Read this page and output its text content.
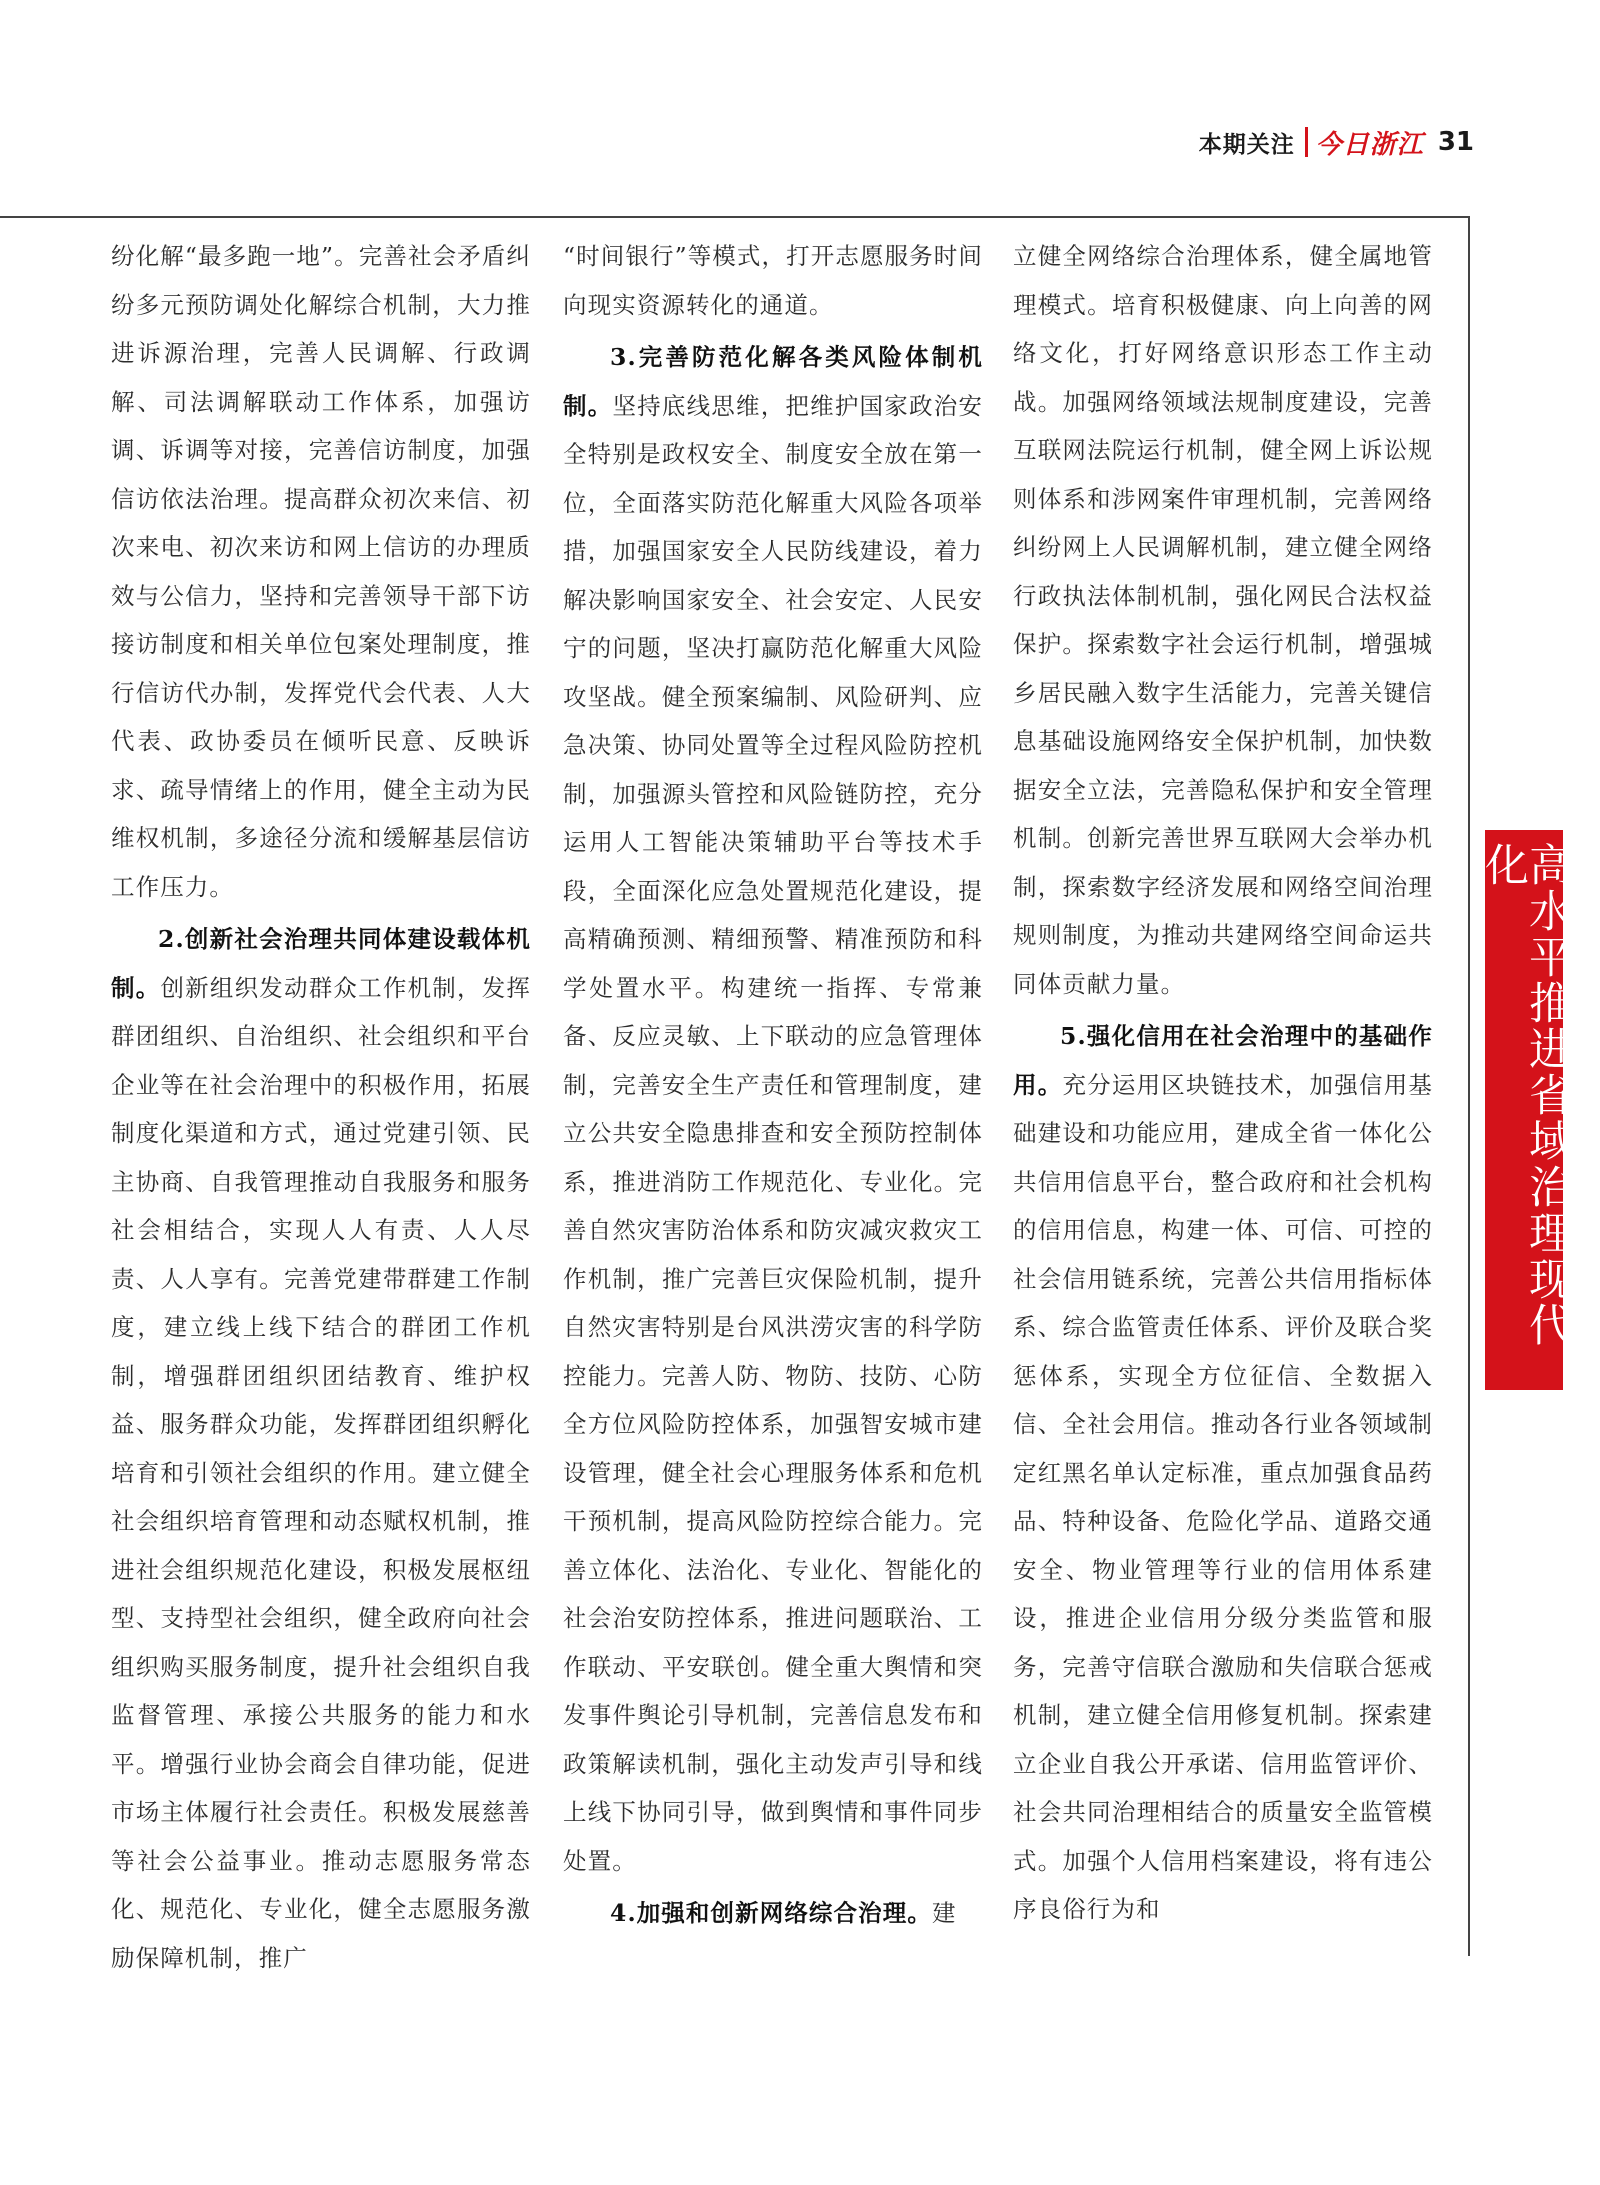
本期关注 今日浙江 31

纷化解“最多跑一地”。完善社会矛盾纠纷多元预防调处化解综合机制，大力推进诉源治理，完善人民调解、行政调解、司法调解联动工作体系，加强访调、诉调等对接，完善信访制度，加强信访依法治理。提高群众初次来信、初次来电、初次来访和网上信访的办理质效与公信力，坚持和完善领导干部下访接访制度和相关单位包案处理制度，推行信访代办制，发挥党代会代表、人大代表、政协委员在倾听民意、反映诉求、疏导情绪上的作用，健全主动为民维权机制，多途径分流和缓解基层信访工作压力。

2.创新社会治理共同体建设载体机制。创新组织发动群众工作机制，发挥群团组织、自治组织、社会组织和平台企业等在社会治理中的积极作用，拓展制度化渠道和方式，通过党建引领、民主协商、自我管理推动自我服务和服务社会相结合，实现人人有责、人人尽责、人人享有。完善党建带群建工作制度，建立线上线下结合的群团工作机制，增强群团组织团结教育、维护权益、服务群众功能，发挥群团组织孵化培育和引领社会组织的作用。建立健全社会组织培育管理和动态赋权机制，推进社会组织规范化建设，积极发展枢纽型、支持型社会组织，健全政府向社会组织购买服务制度，提升社会组织自我监督管理、承接公共服务的能力和水平。增强行业协会商会自律功能，促进市场主体履行社会责任。积极发展慈善等社会公益事业。推动志愿服务常态化、规范化、专业化，健全志愿服务激励保障机制，推广

“时间银行”等模式，打开志愿服务时间向现实资源转化的通道。

3.完善防范化解各类风险体制机制。坚持底线思维，把维护国家政治安全特别是政权安全、制度安全放在第一位，全面落实防范化解重大风险各项举措，加强国家安全人民防线建设，着力解决影响国家安全、社会安定、人民安宁的问题，坚决打赢防范化解重大风险攻坚战。健全预案编制、风险研判、应急决策、协同处置等全过程风险防控机制，加强源头管控和风险链防控，充分运用人工智能决策辅助平台等技术手段，全面深化应急处置规范化建设，提高精确预测、精细预警、精准预防和科学处置水平。构建统一指挥、专常兼备、反应灵敏、上下联动的应急管理体制，完善安全生产责任和管理制度，建立公共安全隐患排查和安全预防控制体系，推进消防工作规范化、专业化。完善自然灾害防治体系和防灾减灾救灾工作机制，推广完善巨灾保险机制，提升自然灾害特别是台风洪涝灾害的科学防控能力。完善人防、物防、技防、心防全方位风险防控体系，加强智安城市建设管理，健全社会心理服务体系和危机干预机制，提高风险防控综合能力。完善立体化、法治化、专业化、智能化的社会治安防控体系，推进问题联治、工作联动、平安联创。健全重大舆情和突发事件舆论引导机制，完善信息发布和政策解读机制，强化主动发声引导和线上线下协同引导，做到舆情和事件同步处置。

4.加强和创新网络综合治理。建

立健全网络综合治理体系，健全属地管理模式。培育积极健康、向上向善的网络文化，打好网络意识形态工作主动战。加强网络领域法规制度建设，完善互联网法院运行机制，健全网上诉讼规则体系和涉网案件审理机制，完善网络纠纷网上人民调解机制，建立健全网络行政执法体制机制，强化网民合法权益保护。探索数字社会运行机制，增强城乡居民融入数字生活能力，完善关键信息基础设施网络安全保护机制，加快数据安全立法，完善隐私保护和安全管理机制。创新完善世界互联网大会举办机制，探索数字经济发展和网络空间治理规则制度，为推动共建网络空间命运共同体贡献力量。

5.强化信用在社会治理中的基础作用。充分运用区块链技术，加强信用基础建设和功能应用，建成全省一体化公共信用信息平台，整合政府和社会机构的信用信息，构建一体、可信、可控的社会信用链系统，完善公共信用指标体系、综合监管责任体系、评价及联合奖惩体系，实现全方位征信、全数据入信、全社会用信。推动各行业各领域制定红黑名单认定标准，重点加强食品药品、特种设备、危险化学品、道路交通安全、物业管理等行业的信用体系建设，推进企业信用分级分类监管和服务，完善守信联合激励和失信联合惩戒机制，建立健全信用修复机制。探索建立企业自我公开承诺、信用监管评价、社会共同治理相结合的质量安全监管模式。加强个人信用档案建设，将有违公序良俗行为和

高水平推进省域治理现代化
